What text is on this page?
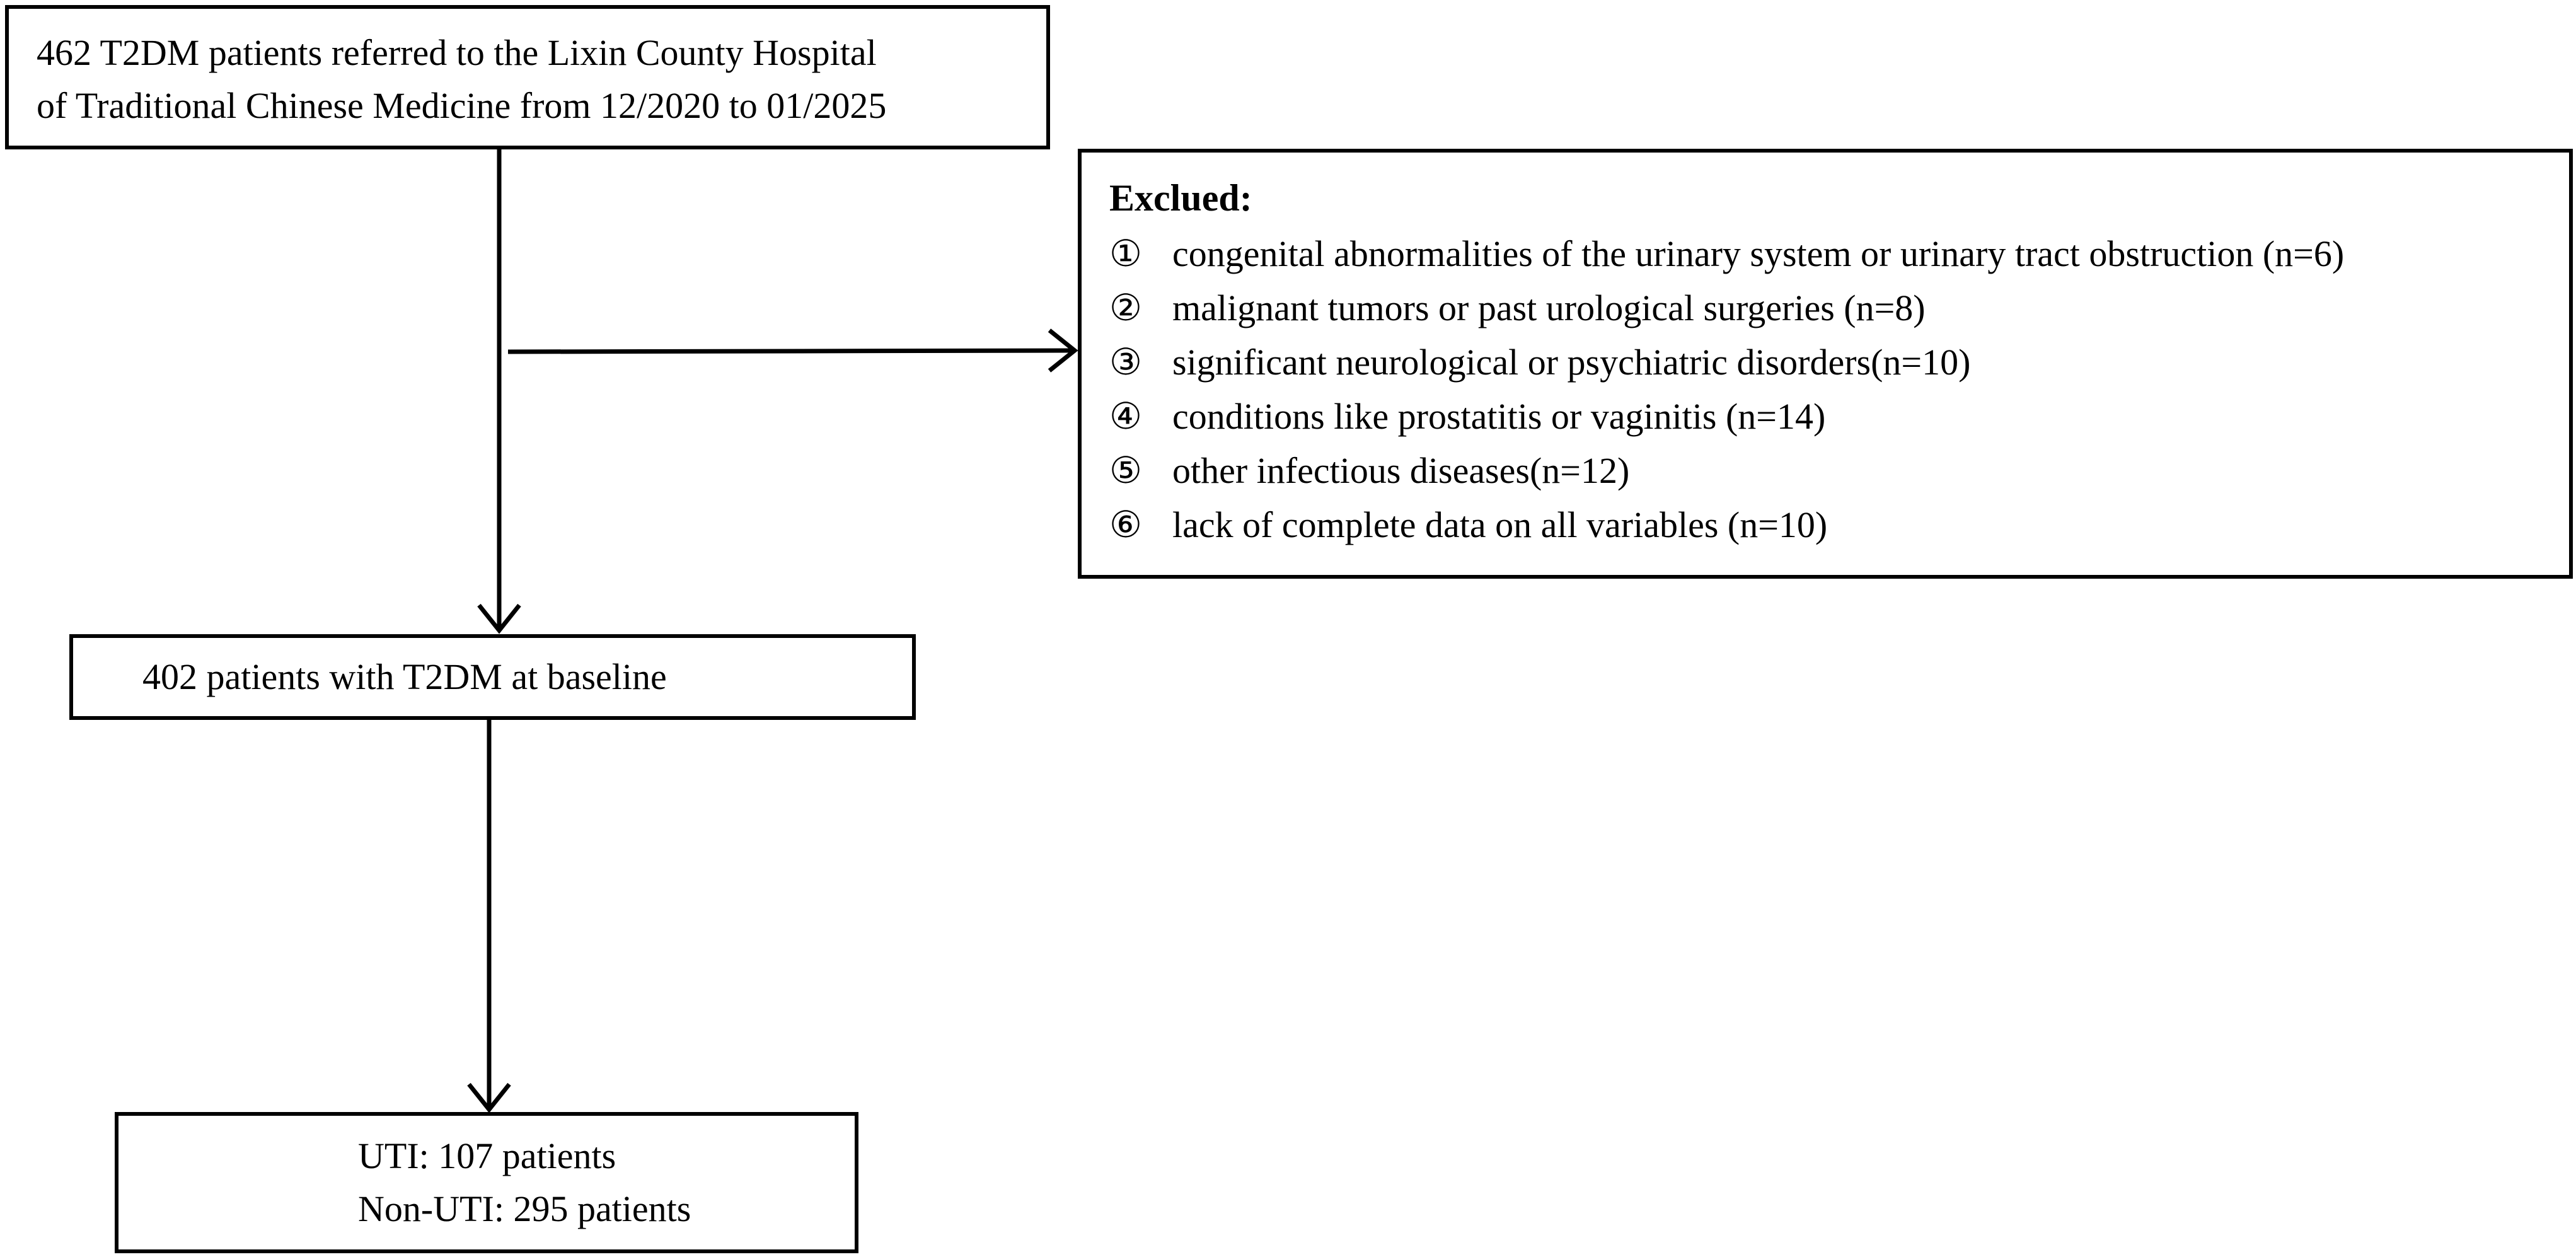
462 T2DM patients referred to the Lixin County Hospital
of Traditional Chinese Medicine from 12/2020 to 01/2025
Exclued:
① congenital abnormalities of the urinary system or urinary tract obstruction (n=6)
② malignant tumors or past urological surgeries (n=8)
③ significant neurological or psychiatric disorders(n=10)
④ conditions like prostatitis or vaginitis (n=14)
⑤ other infectious diseases(n=12)
⑥ lack of complete data on all variables (n=10)
402 patients with T2DM at baseline
UTI: 107 patients
Non-UTI: 295 patients
